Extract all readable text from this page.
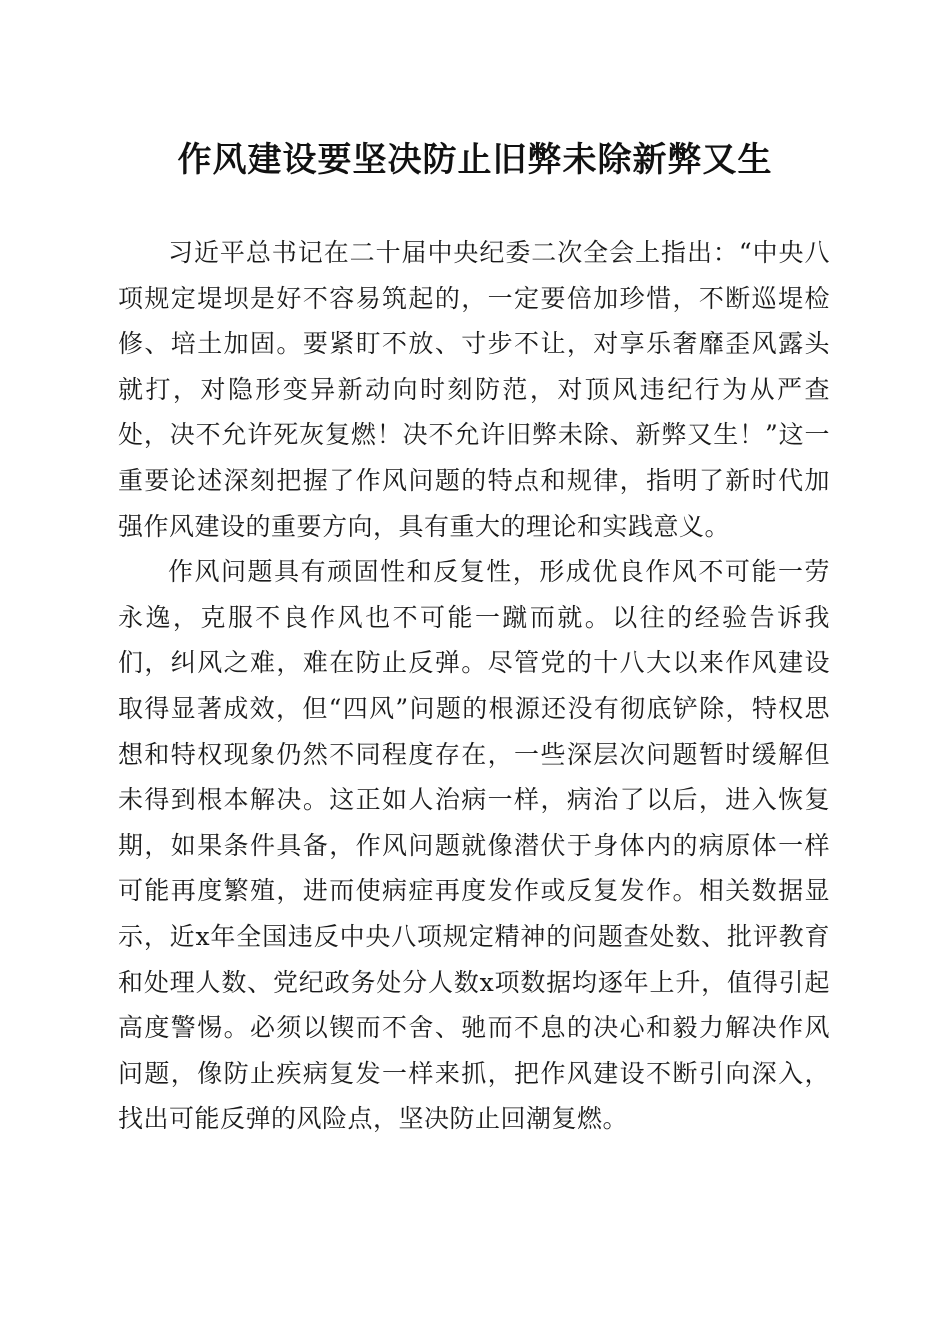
作风建设要坚决防止旧弊未除新弊又生

习近平总书记在二十届中央纪委二次全会上指出：“中央八项规定堤坝是好不容易筑起的，一定要倍加珍惜，不断巡堤检修、培土加固。要紧盯不放、寸步不让，对享乐奢靡歪风露头就打，对隐形变异新动向时刻防范，对顶风违纪行为从严查处，决不允许死灰复燃！决不允许旧弊未除、新弊又生！”这一重要论述深刻把握了作风问题的特点和规律，指明了新时代加强作风建设的重要方向，具有重大的理论和实践意义。

作风问题具有顽固性和反复性，形成优良作风不可能一劳永逸，克服不良作风也不可能一蹴而就。以往的经验告诉我们，纠风之难，难在防止反弹。尽管党的十八大以来作风建设取得显著成效，但“四风”问题的根源还没有彻底铲除，特权思想和特权现象仍然不同程度存在，一些深层次问题暂时缓解但未得到根本解决。这正如人治病一样，病治了以后，进入恢复期，如果条件具备，作风问题就像潜伏于身体内的病原体一样可能再度繁殖，进而使病症再度发作或反复发作。相关数据显示，近x年全国违反中央八项规定精神的问题查处数、批评教育和处理人数、党纪政务处分人数x项数据均逐年上升，值得引起高度警惕。必须以锲而不舍、驰而不息的决心和毅力解决作风问题，像防止疾病复发一样来抓，把作风建设不断引向深入，找出可能反弹的风险点，坚决防止回潮复燃。
